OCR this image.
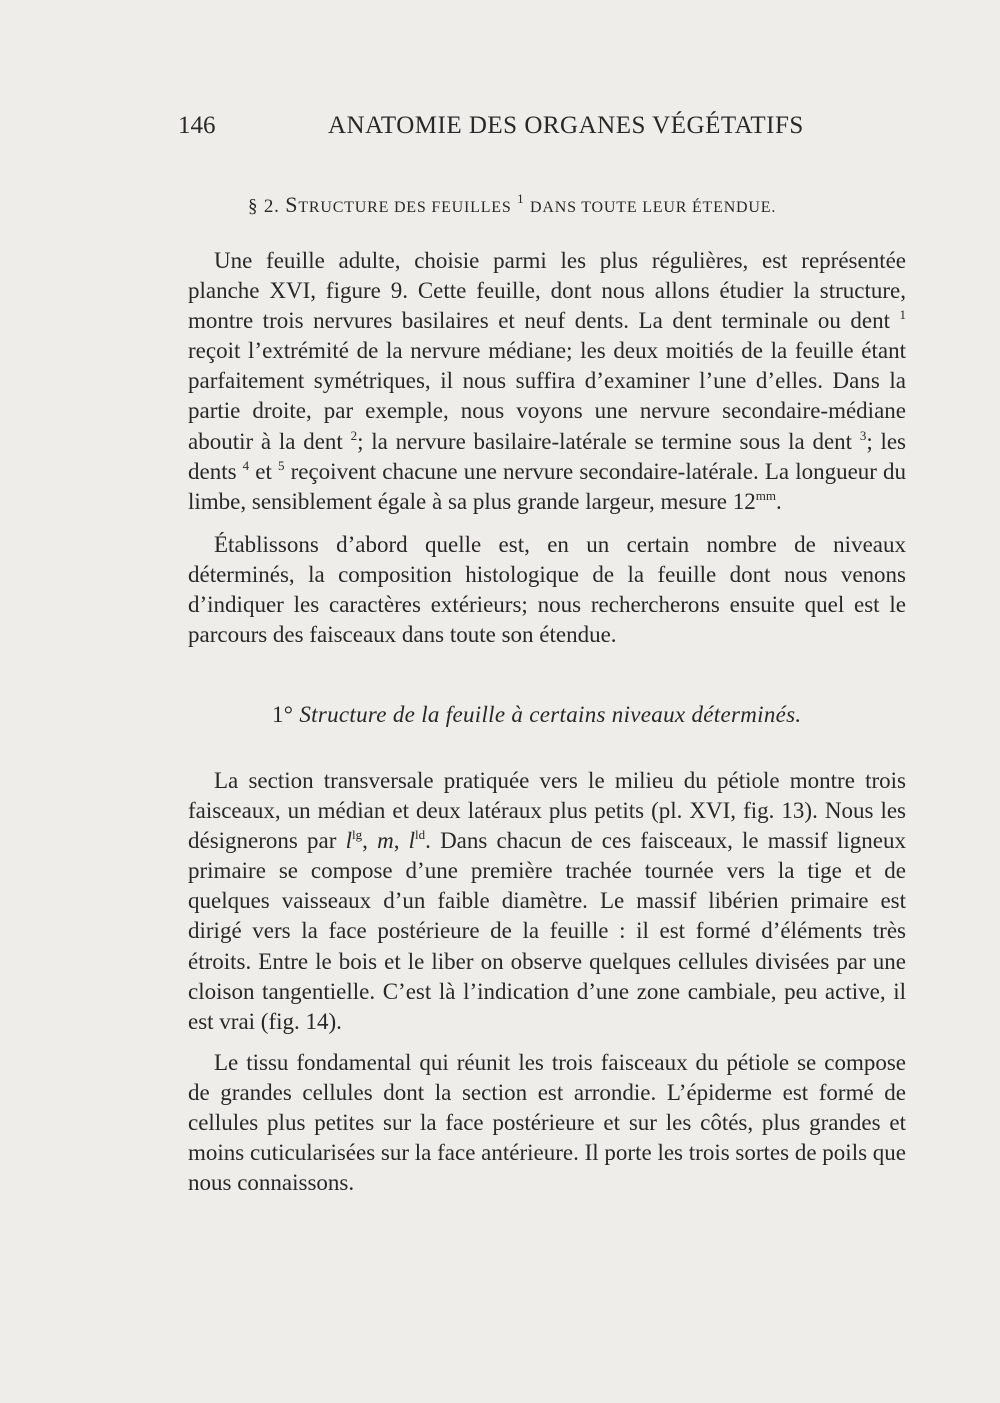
146	ANATOMIE DES ORGANES VÉGÉTATIFS
§ 2. STRUCTURE DES FEUILLES $^1$ DANS TOUTE LEUR ÉTENDUE.

Une feuille adulte, choisie parmi les plus régulières, est représentée planche XVI, figure 9. Cette feuille, dont nous allons étudier la structure, montre trois nervures basilaires et neuf dents. La dent terminale ou dent $^1$ reçoit l’extrémité de la nervure médiane; les deux moitiés de la feuille étant parfaitement symétriques, il nous suffira d’examiner l’une d’elles. Dans la partie droite, par exemple, nous voyons une nervure secondaire-médiane aboutir à la dent $^2$; la nervure basilaire-latérale se termine sous la dent $^3$; les dents $^4$ et $^5$ reçoivent chacune une nervure secondaire-latérale. La longueur du limbe, sensiblement égale à sa plus grande largeur, mesure $12^{mm}$.

Établissons d’abord quelle est, en un certain nombre de niveaux déterminés, la composition histologique de la feuille dont nous venons d’indiquer les caractères extérieurs; nous rechercherons ensuite quel est le parcours des faisceaux dans toute son étendue.

1° Structure de la feuille à certains niveaux déterminés.

La section transversale pratiquée vers le milieu du pétiole montre trois faisceaux, un médian et deux latéraux plus petits (pl. XVI, fig. 13). Nous les désignerons par $l^{lg}$, m, $l^{ld}$. Dans chacun de ces faisceaux, le massif ligneux primaire se compose d’une première trachée tournée vers la tige et de quelques vaisseaux d’un faible diamètre. Le massif libérien primaire est dirigé vers la face postérieure de la feuille : il est formé d’éléments très étroits. Entre le bois et le liber on observe quelques cellules divisées par une cloison tangentielle. C’est là l’indication d’une zone cambiale, peu active, il est vrai (fig. 14).

Le tissu fondamental qui réunit les trois faisceaux du pétiole se compose de grandes cellules dont la section est arrondie. L’épiderme est formé de cellules plus petites sur la face postérieure et sur les côtés, plus grandes et moins cuticularisées sur la face antérieure. Il porte les trois sortes de poils que nous connaissons.
